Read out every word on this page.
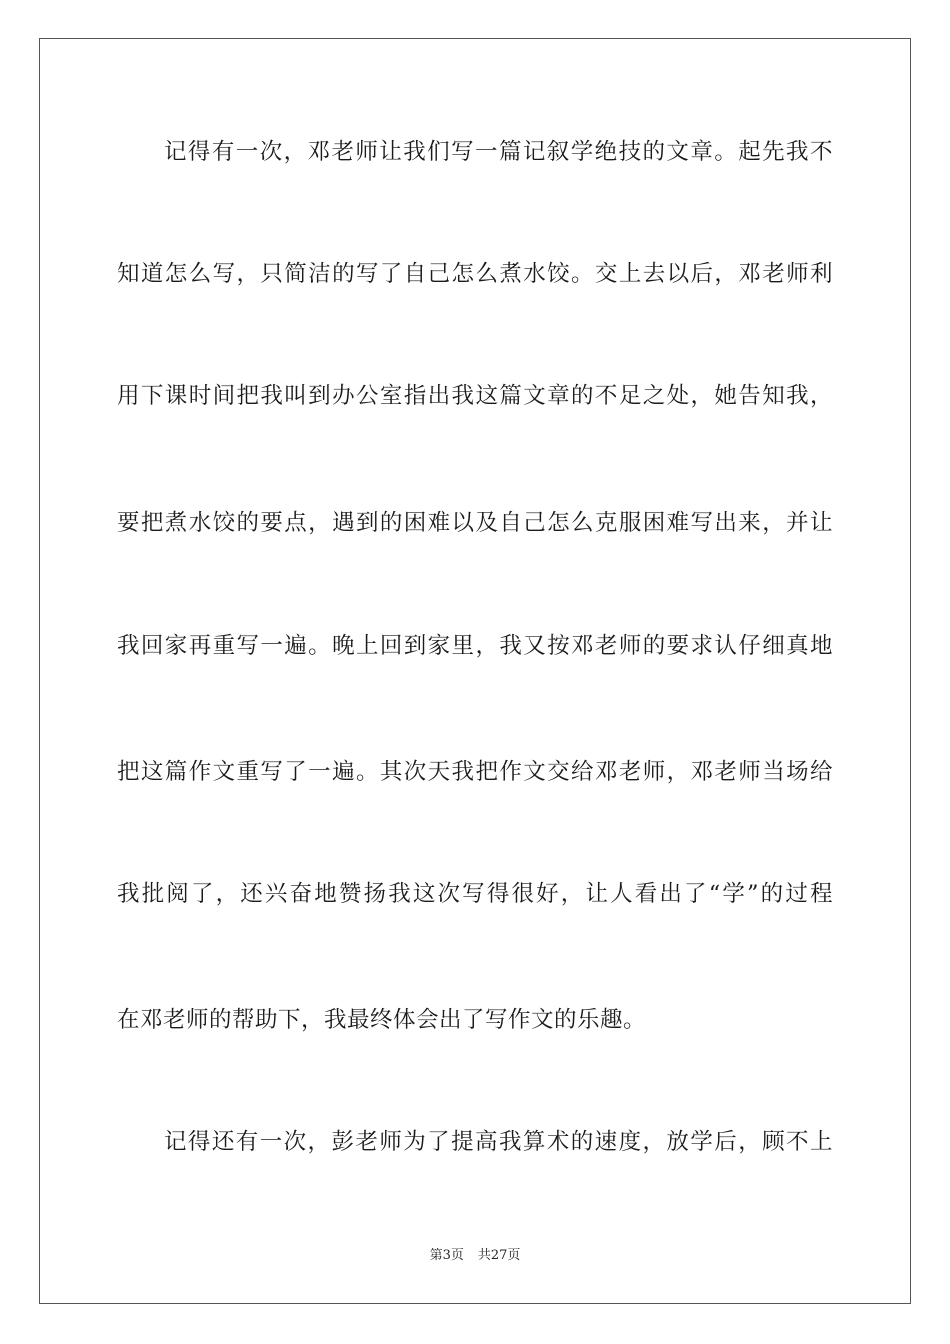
记得有一次，邓老师让我们写一篇记叙学绝技的文章。起先我不
知道怎么写，只简洁的写了自己怎么煮水饺。交上去以后，邓老师利
用下课时间把我叫到办公室指出我这篇文章的不足之处，她告知我，
要把煮水饺的要点，遇到的困难以及自己怎么克服困难写出来，并让
我回家再重写一遍。晚上回到家里，我又按邓老师的要求认仔细真地
把这篇作文重写了一遍。其次天我把作文交给邓老师，邓老师当场给
我批阅了，还兴奋地赞扬我这次写得很好，让人看出了“学”的过程
在邓老师的帮助下，我最终体会出了写作文的乐趣。
记得还有一次，彭老师为了提高我算术的速度，放学后，顾不上
第3页 共27页
